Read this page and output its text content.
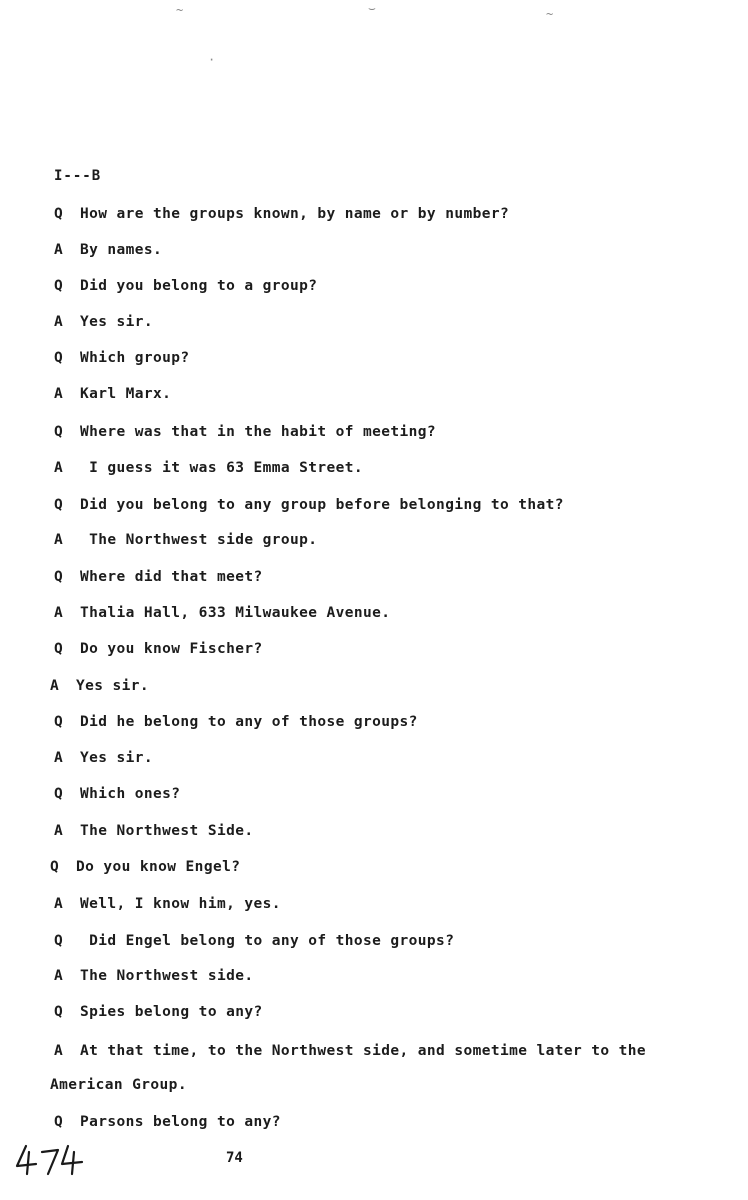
~	⌣	~
·
I---B
Q How are the groups known, by name or by number?
A By names.
Q Did you belong to a group?
A Yes sir.
Q Which group?
A Karl Marx.
Q Where was that in the habit of meeting?
A I guess it was 63 Emma Street.
Q Did you belong to any group before belonging to that?
A The Northwest side group.
Q Where did that meet?
A Thalia Hall, 633 Milwaukee Avenue.
Q Do you know Fischer?
A Yes sir.
Q Did he belong to any of those groups?
A Yes sir.
Q Which ones?
A The Northwest Side.
Q Do you know Engel?
A Well, I know him, yes.
Q Did Engel belong to any of those groups?
A The Northwest side.
Q Spies belong to any?
A At that time, to the Northwest side, and sometime later to the
American Group.
Q Parsons belong to any?
74
